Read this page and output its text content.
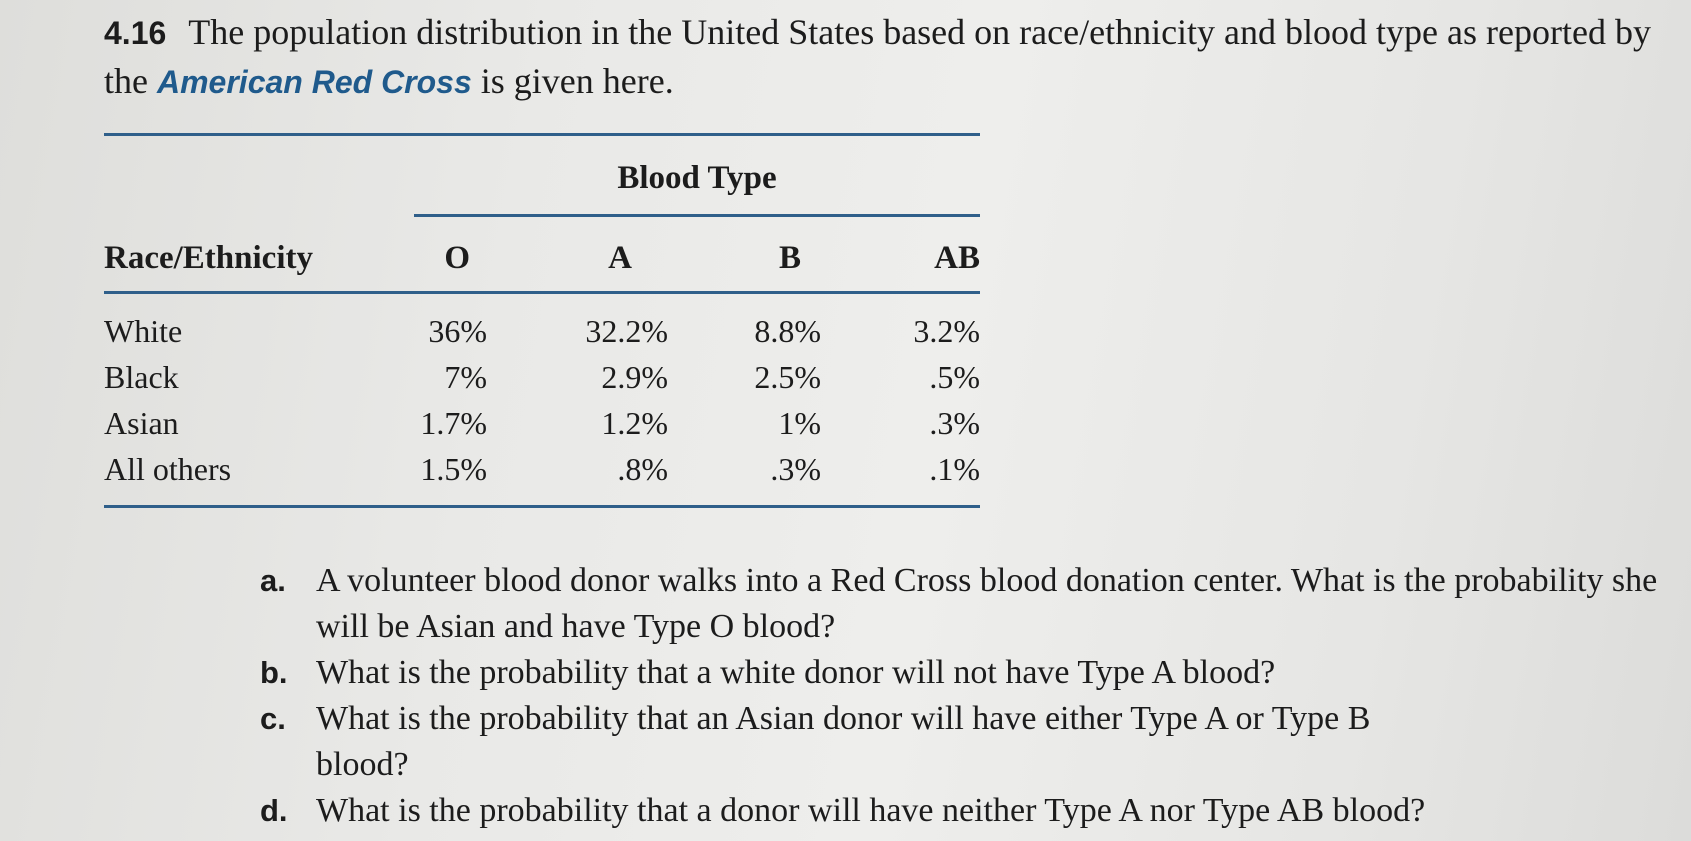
4.16 The population distribution in the United States based on race/ethnicity and blood type as reported by the American Red Cross is given here.
Blood Type
Race/Ethnicity	O	A	B	AB
White	36%	32.2%	8.8%	3.2%
Black	7%	2.9%	2.5%	.5%
Asian	1.7%	1.2%	1%	.3%
All others	1.5%	.8%	.3%	.1%

a. A volunteer blood donor walks into a Red Cross blood donation center. What is the probability she will be Asian and have Type O blood?

b. What is the probability that a white donor will not have Type A blood?

c. What is the probability that an Asian donor will have either Type A or Type B blood?

d. What is the probability that a donor will have neither Type A nor Type AB blood?
